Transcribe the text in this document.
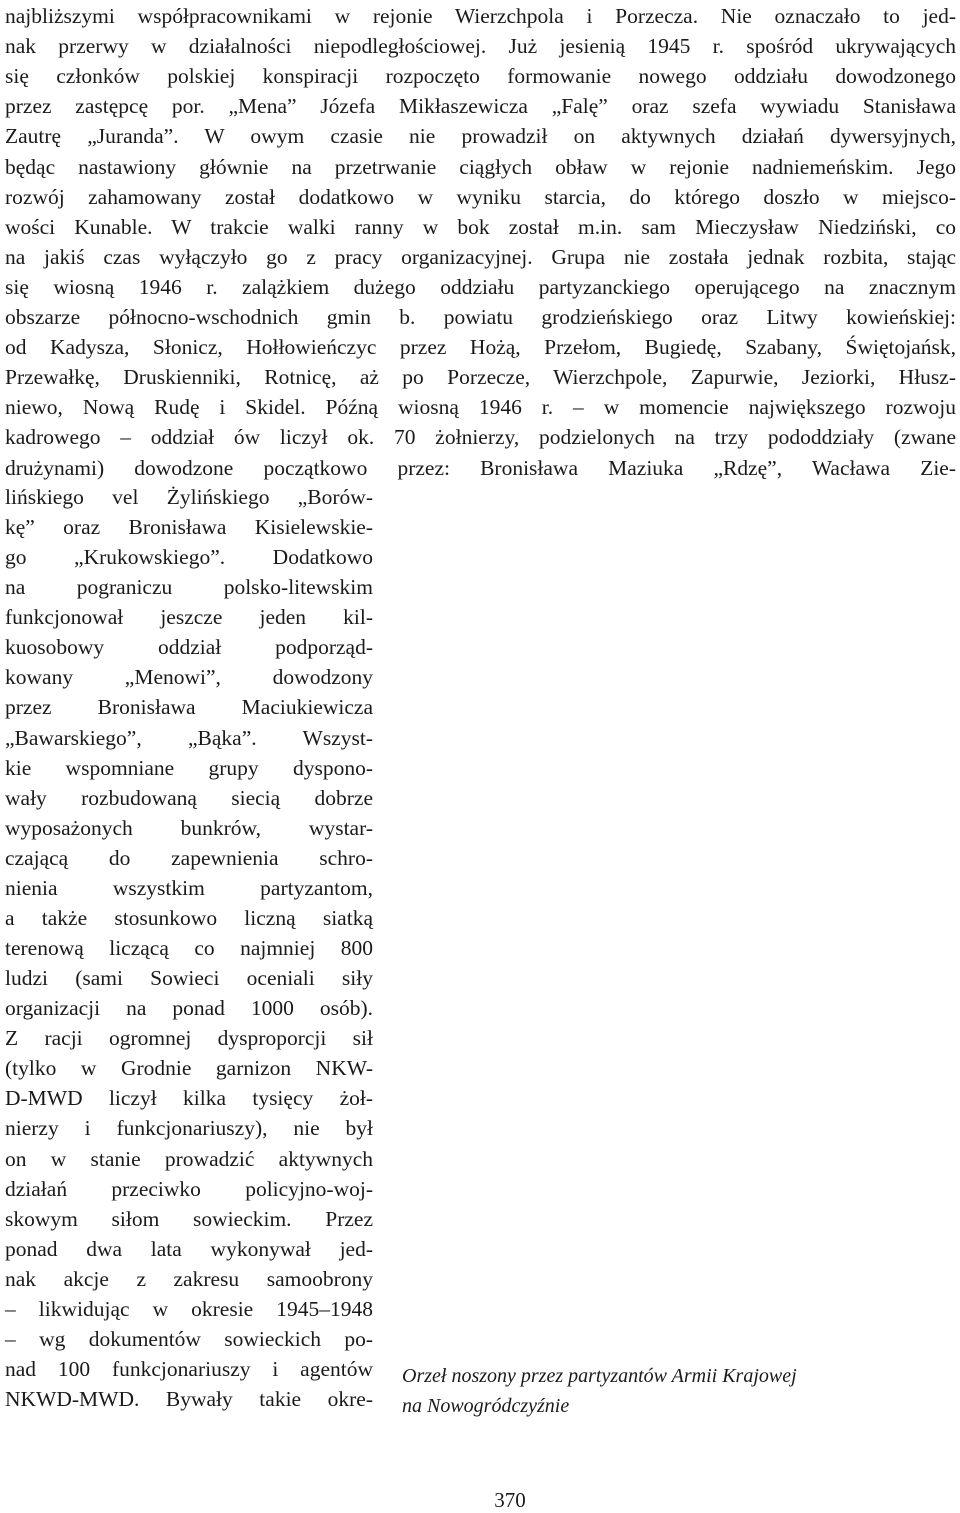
najbliższymi współpracownikami w rejonie Wierzchpola i Porzecza. Nie oznaczało to jed-
nak przerwy w działalności niepodległościowej. Już jesienią 1945 r. spośród ukrywających
się członków polskiej konspiracji rozpoczęto formowanie nowego oddziału dowodzonego
przez zastępcę por. „Mena” Józefa Mikłaszewicza „Falę” oraz szefa wywiadu Stanisława
Zautrę „Juranda”. W owym czasie nie prowadził on aktywnych działań dywersyjnych,
będąc nastawiony głównie na przetrwanie ciągłych obław w rejonie nadniemeńskim. Jego
rozwój zahamowany został dodatkowo w wyniku starcia, do którego doszło w miejsco-
wości Kunable. W trakcie walki ranny w bok został m.in. sam Mieczysław Niedziński, co
na jakiś czas wyłączyło go z pracy organizacyjnej. Grupa nie została jednak rozbita, stając
się wiosną 1946 r. zalążkiem dużego oddziału partyzanckiego operującego na znacznym
obszarze północno-wschodnich gmin b. powiatu grodzieńskiego oraz Litwy kowieńskiej:
od Kadysza, Słonicz, Hołłowieńczyc przez Hożą, Przełom, Bugiedę, Szabany, Świętojańsk,
Przewałkę, Druskienniki, Rotnicę, aż po Porzecze, Wierzchpole, Zapurwie, Jeziorki, Hłusz-
niewo, Nową Rudę i Skidel. Późną wiosną 1946 r. – w momencie największego rozwoju
kadrowego – oddział ów liczył ok. 70 żołnierzy, podzielonych na trzy pododdziały (zwane
drużynami) dowodzone początkowo przez: Bronisława Maziuka „Rdzę”, Wacława Zie-
lińskiego vel Żylińskiego „Borów-
kę” oraz Bronisława Kisielewskie-
go „Krukowskiego”. Dodatkowo
na pograniczu polsko-litewskim
funkcjonował jeszcze jeden kil-
kuosobowy oddział podporząd-
kowany „Menowi”, dowodzony
przez Bronisława Maciukiewicza
„Bawarskiego”, „Bąka”. Wszyst-
kie wspomniane grupy dyspono-
wały rozbudowaną siecią dobrze
wyposażonych bunkrów, wystar-
czającą do zapewnienia schro-
nienia wszystkim partyzantom,
a także stosunkowo liczną siatką
terenową liczącą co najmniej 800
ludzi (sami Sowieci oceniali siły
organizacji na ponad 1000 osób).
Z racji ogromnej dysproporcji sił
(tylko w Grodnie garnizon NKW-
D-MWD liczył kilka tysięcy żoł-
nierzy i funkcjonariuszy), nie był
on w stanie prowadzić aktywnych
działań przeciwko policyjno-woj-
skowym siłom sowieckim. Przez
ponad dwa lata wykonywał jed-
nak akcje z zakresu samoobrony
– likwidując w okresie 1945–1948
– wg dokumentów sowieckich po-
nad 100 funkcjonariuszy i agentów
NKWD-MWD. Bywały takie okre-
Orzeł noszony przez partyzantów Armii Krajowej
na Nowogródczyźnie
370
